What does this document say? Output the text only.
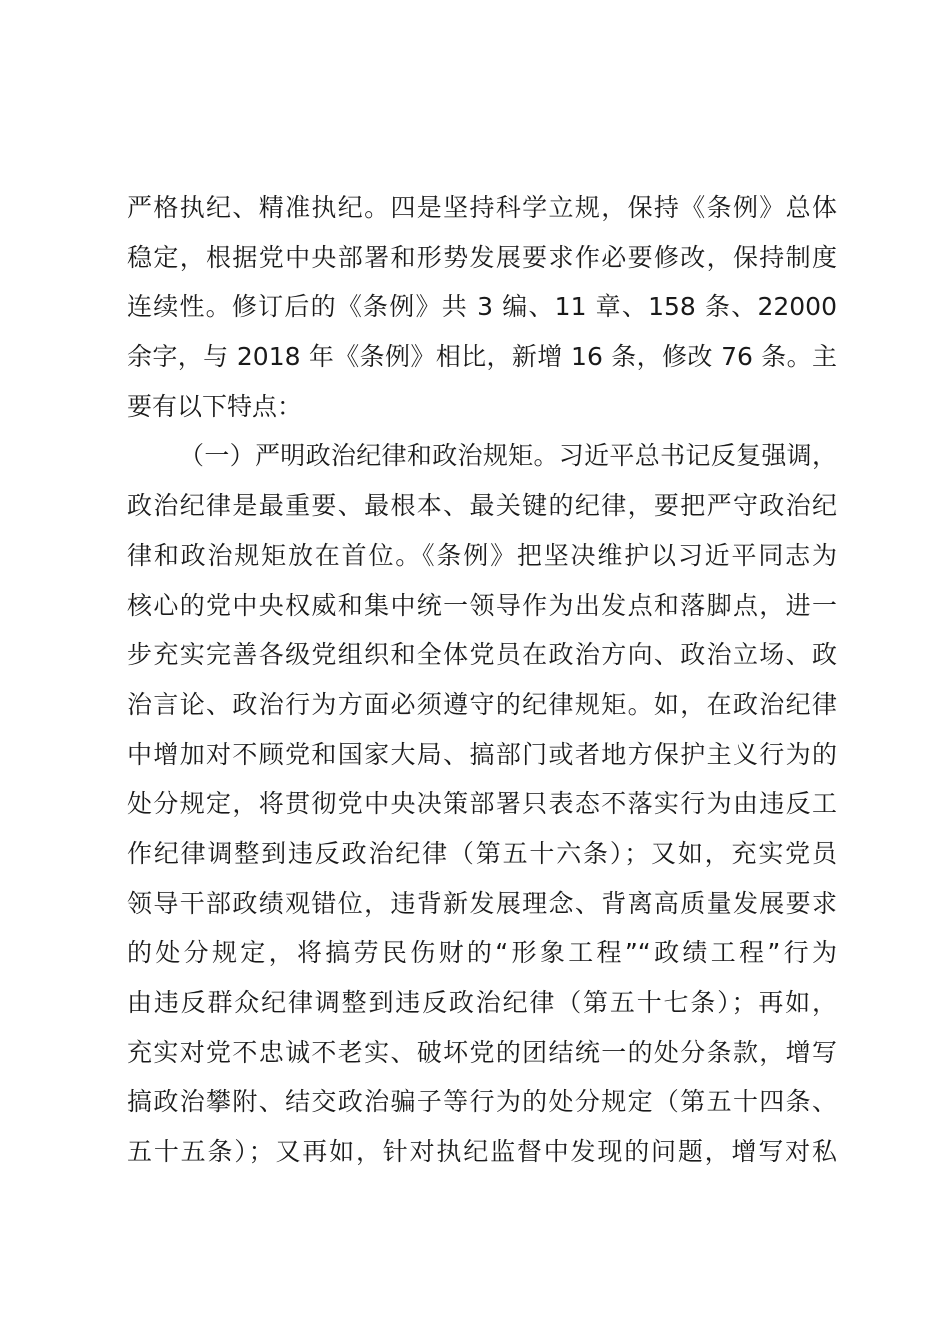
严格执纪、精准执纪。四是坚持科学立规，保持《条例》总体
稳定，根据党中央部署和形势发展要求作必要修改，保持制度
连续性。修订后的《条例》共 3 编、11 章、158 条、22000
余字，与 2018 年《条例》相比，新增 16 条，修改 76 条。主
要有以下特点：
（一）严明政治纪律和政治规矩。习近平总书记反复强调，
政治纪律是最重要、最根本、最关键的纪律，要把严守政治纪
律和政治规矩放在首位。《条例》把坚决维护以习近平同志为
核心的党中央权威和集中统一领导作为出发点和落脚点，进一
步充实完善各级党组织和全体党员在政治方向、政治立场、政
治言论、政治行为方面必须遵守的纪律规矩。如，在政治纪律
中增加对不顾党和国家大局、搞部门或者地方保护主义行为的
处分规定，将贯彻党中央决策部署只表态不落实行为由违反工
作纪律调整到违反政治纪律（第五十六条）；又如，充实党员
领导干部政绩观错位，违背新发展理念、背离高质量发展要求
的处分规定，将搞劳民伤财的“形象工程”“政绩工程”行为
由违反群众纪律调整到违反政治纪律（第五十七条）；再如，
充实对党不忠诚不老实、破坏党的团结统一的处分条款，增写
搞政治攀附、结交政治骗子等行为的处分规定（第五十四条、
五十五条）；又再如，针对执纪监督中发现的问题，增写对私
